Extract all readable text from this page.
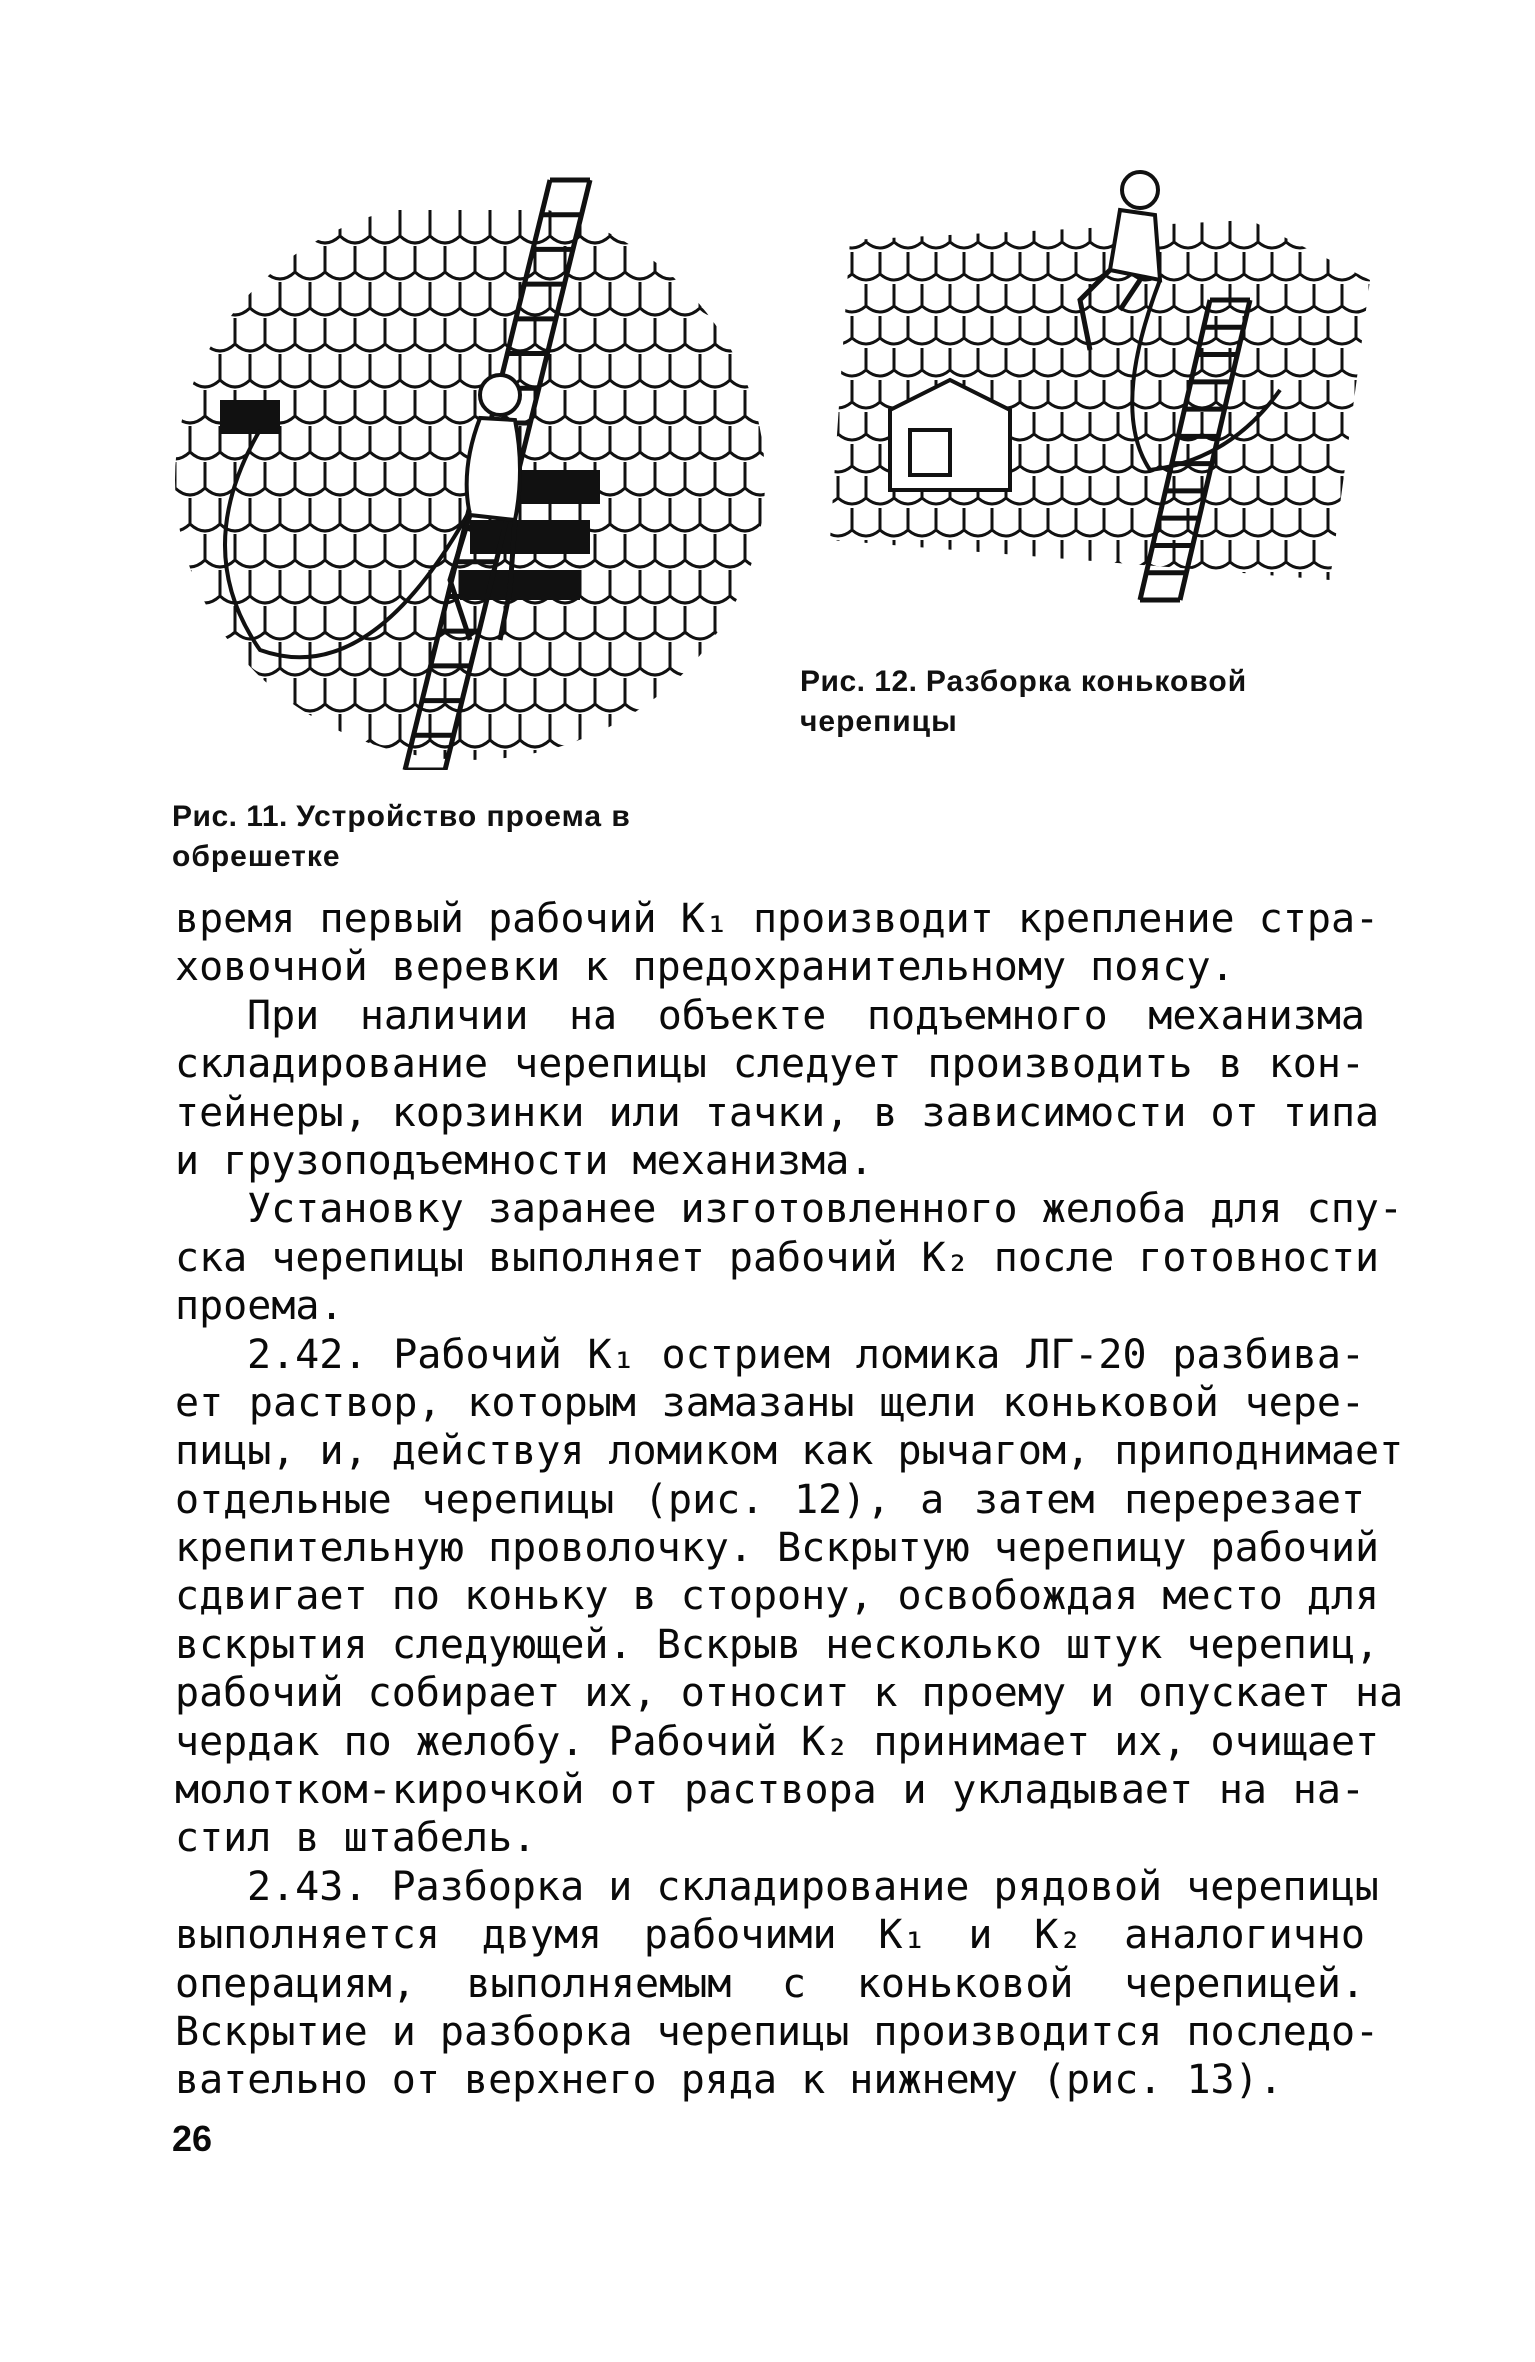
Рис. 12. Разборка коньковой черепицы
Рис. 11. Устройство проема в обрешетке
время первый рабочий К₁ производит крепление стра-
ховочной веревки к предохранительному поясу.
При наличии на объекте подъемного механизма
складирование черепицы следует производить в кон-
тейнеры, корзинки или тачки, в зависимости от типа
и грузоподъемности механизма.
Установку заранее изготовленного желоба для спу-
ска черепицы выполняет рабочий К₂ после готовности
проема.
2.42. Рабочий К₁ острием ломика ЛГ-20 разбива-
ет раствор, которым замазаны щели коньковой чере-
пицы, и, действуя ломиком как рычагом, приподнимает
отдельные черепицы (рис. 12), а затем перерезает
крепительную проволочку. Вскрытую черепицу рабочий
сдвигает по коньку в сторону, освобождая место для
вскрытия следующей. Вскрыв несколько штук черепиц,
рабочий собирает их, относит к проему и опускает на
чердак по желобу. Рабочий К₂ принимает их, очищает
молотком-кирочкой от раствора и укладывает на на-
стил в штабель.
2.43. Разборка и складирование рядовой черепицы
выполняется двумя рабочими К₁ и К₂ аналогично
операциям, выполняемым с коньковой черепицей.
Вскрытие и разборка черепицы производится последо-
вательно от верхнего ряда к нижнему (рис. 13).
26
